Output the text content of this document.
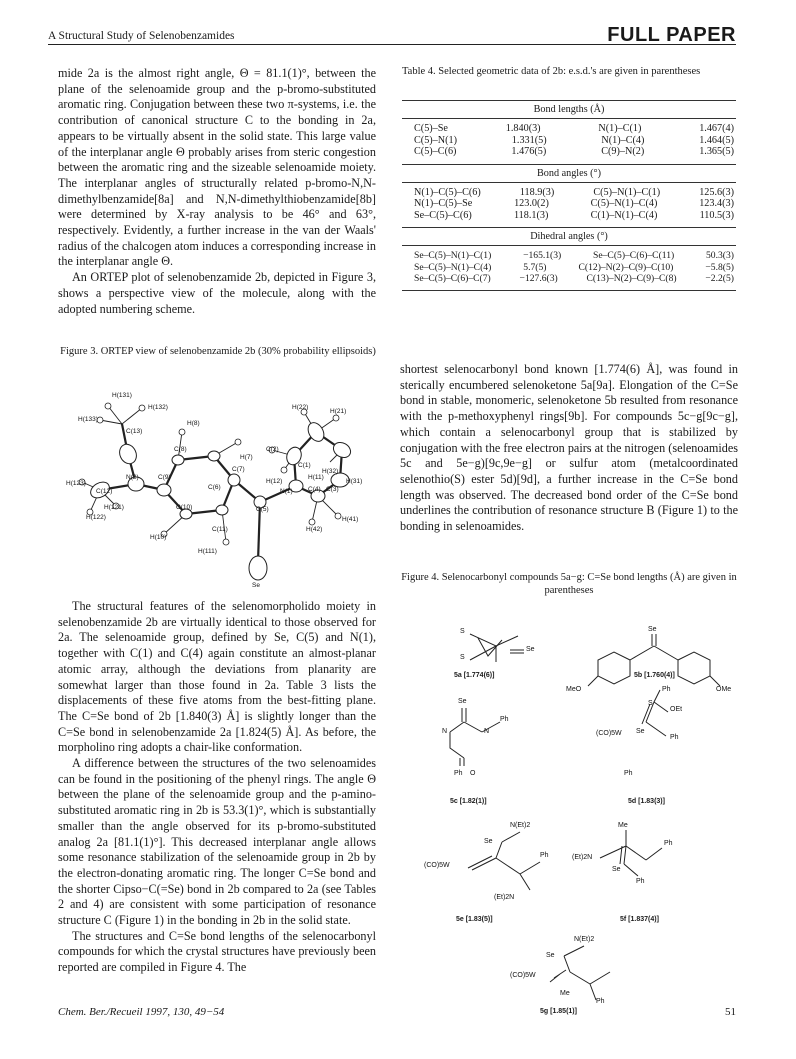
A Structural Study of Selenobenzamides	FULL PAPER

mide 2a is the almost right angle, Θ = 81.1(1)°, between the plane of the selenoamide group and the p-bromo-substituted aromatic ring. Conjugation between these two π-systems, i.e. the contribution of canonical structure C to the bonding in 2a, appears to be virtually absent in the solid state. This large value of the interplanar angle Θ probably arises from steric congestion between the aromatic ring and the sizeable selenoamide moiety. The interplanar angles of structurally related p-bromo-N,N-dimethylbenzamide[8a] and N,N-dimethylthiobenzamide[8b] were determined by X-ray analysis to be 46° and 63°, respectively. Evidently, a further increase in the van der Waals' radius of the chalcogen atom induces a corresponding increase in the interplanar angle Θ.

An ORTEP plot of selenobenzamide 2b, depicted in Figure 3, shows a perspective view of the molecule, along with the adopted numbering scheme.

Figure 3. ORTEP view of selenobenzamide 2b (30% probability ellipsoids)
H(131)
H(132)
H(133)
C(13)
H(8)
H(22)
H(21)
C(8)
H(7)
C(2)
C(7)
C(1)
H(32)
H(12)
H(11)
C(3)
H(31)
N(2)	C(9)
C(6)
N(1)
H(123)
C(12)	C(4)
H(121)	C(10)	C(5)
H(122)
C(11)
H(41)
H(42)
H(10)
H(111)
Se

The structural features of the selenomorpholido moiety in selenobenzamide 2b are virtually identical to those observed for 2a. The selenoamide group, defined by Se, C(5) and N(1), together with C(1) and C(4) again constitute an almost-planar atomic array, although the deviations from planarity are somewhat larger than those found in 2a. Table 3 lists the displacements of these five atoms from the best-fitting plane. The C=Se bond of 2b [1.840(3) Å] is slightly longer than the C=Se bond in selenobenzamide 2a [1.824(5) Å]. As before, the morpholino ring adopts a chair-like conformation.

A difference between the structures of the two selenoamides can be found in the positioning of the phenyl rings. The angle Θ between the plane of the selenoamide group and the p-amino-substituted aromatic ring in 2b is 53.3(1)°, which is substantially smaller than the angle observed for its p-bromo-substituted analog 2a [81.1(1)°]. This decreased interplanar angle allows some resonance stabilization of the selenoamide group in 2b by the electron-donating aromatic ring. The longer C=Se bond and the shorter Cipso−C(=Se) bond in 2b compared to 2a (see Tables 2 and 4) are consistent with some participation of resonance structure C (Figure 1) in the bonding in 2b in the solid state.

The structures and C=Se bond lengths of the selenocarbonyl compounds for which the crystal structures have previously been reported are compiled in Figure 4. The

Table 4. Selected geometric data of 2b: e.s.d.'s are given in parentheses
Bond lengths (Å)
C(5)–Se	1.840(3)	N(1)–C(1)	1.467(4)
C(5)–N(1)	1.331(5)	N(1)–C(4)	1.464(5)
C(5)–C(6)	1.476(5)	C(9)–N(2)	1.365(5)
Bond angles (°)
N(1)–C(5)–C(6)	118.9(3)	C(5)–N(1)–C(1)	125.6(3)
N(1)–C(5)–Se	123.0(2)	C(5)–N(1)–C(4)	123.4(3)
Se–C(5)–C(6)	118.1(3)	C(1)–N(1)–C(4)	110.5(3)
Dihedral angles (°)
Se–C(5)–N(1)–C(1)	−165.1(3)	Se–C(5)–C(6)–C(11)	50.3(3)
Se–C(5)–N(1)–C(4)	5.7(5)	C(12)–N(2)–C(9)–C(10)	−5.8(5)
Se–C(5)–C(6)–C(7)	−127.6(3)	C(13)–N(2)–C(9)–C(8)	−2.2(5)

shortest selenocarbonyl bond known [1.774(6) Å], was found in sterically encumbered selenoketone 5a[9a]. Elongation of the C=Se bond in stable, monomeric, selenoketone 5b resulted from resonance with the p-methoxyphenyl rings[9b]. For compounds 5c−g[9c−g], which contain a selenocarbonyl group that is stabilized by conjugation with the free electron pairs at the nitrogen (selenoamides 5c and 5e−g)[9c,9e−g] or sulfur atom (metalcoordinated selenothio(S) ester 5d)[9d], a further increase in the C=Se bond length was observed. The decreased bond order of the C=Se bond underlines the contribution of resonance structure B (Figure 1) to the bonding in selenoamides.

Figure 4. Selenocarbonyl compounds 5a−g: C=Se bond lengths (Å) are given in parentheses
S
S
Se
Se
MeO	OMe
5a [1.774(6)]	5b [1.760(4)]
Se
N	N
Ph
Ph O
5c [1.82(1)]
Ph
S
OEt
(CO)5W Se
Ph
Ph
5d [1.83(3)]
N(Et)2
Se
Ph
(CO)5W
(Et)2N
5e [1.83(5)]
Me
(Et)2N
Ph
Se
Ph
5f [1.837(4)]
N(Et)2
Se
(CO)5W
Me
Ph
5g [1.85(1)]
Chem. Ber./Recueil 1997, 130, 49−54	51
